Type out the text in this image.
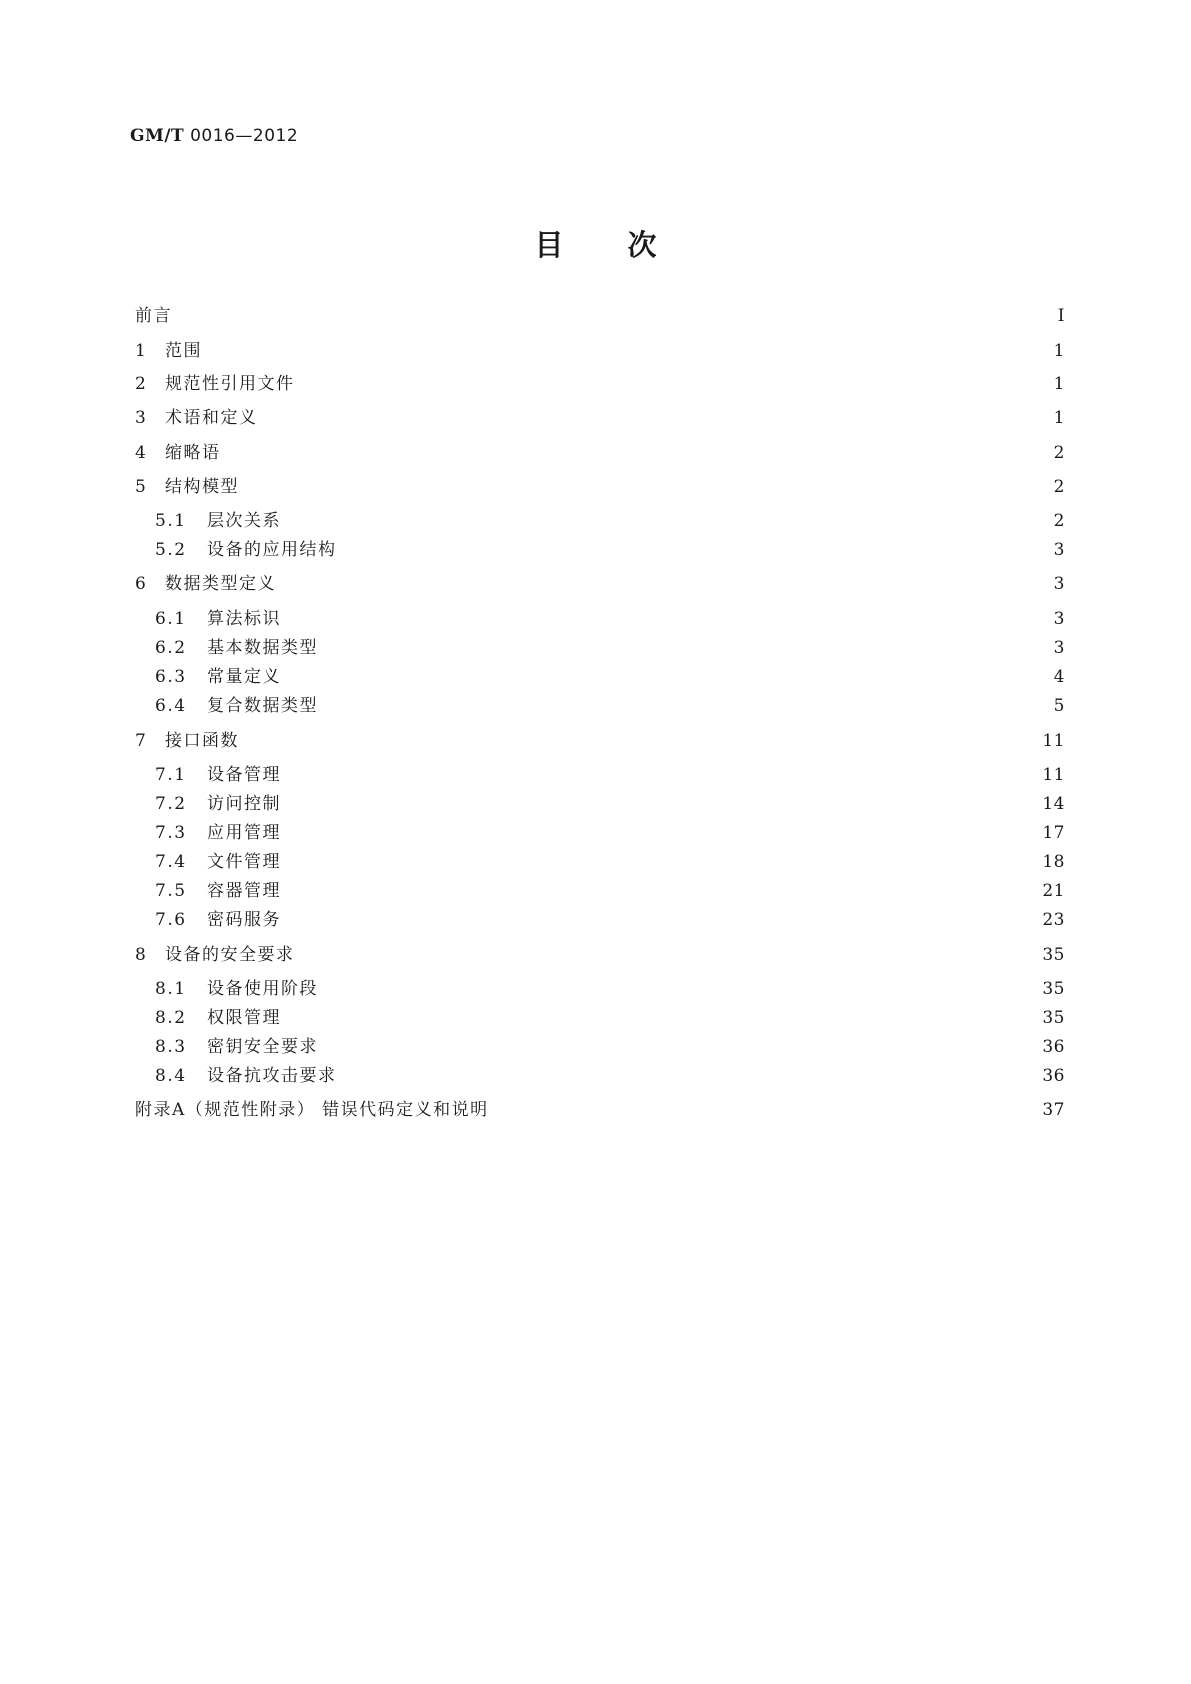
GM/T 0016—2012
目 次
前言	Ⅰ
1	范围	1
2	规范性引用文件	1
3	术语和定义	1
4	缩略语	2
5	结构模型	2
5.1	层次关系	2
5.2	设备的应用结构	3
6	数据类型定义	3
6.1	算法标识	3
6.2	基本数据类型	3
6.3	常量定义	4
6.4	复合数据类型	5
7	接口函数	11
7.1	设备管理	11
7.2	访问控制	14
7.3	应用管理	17
7.4	文件管理	18
7.5	容器管理	21
7.6	密码服务	23
8	设备的安全要求	35
8.1	设备使用阶段	35
8.2	权限管理	35
8.3	密钥安全要求	36
8.4	设备抗攻击要求	36
附录A（规范性附录） 错误代码定义和说明	37
